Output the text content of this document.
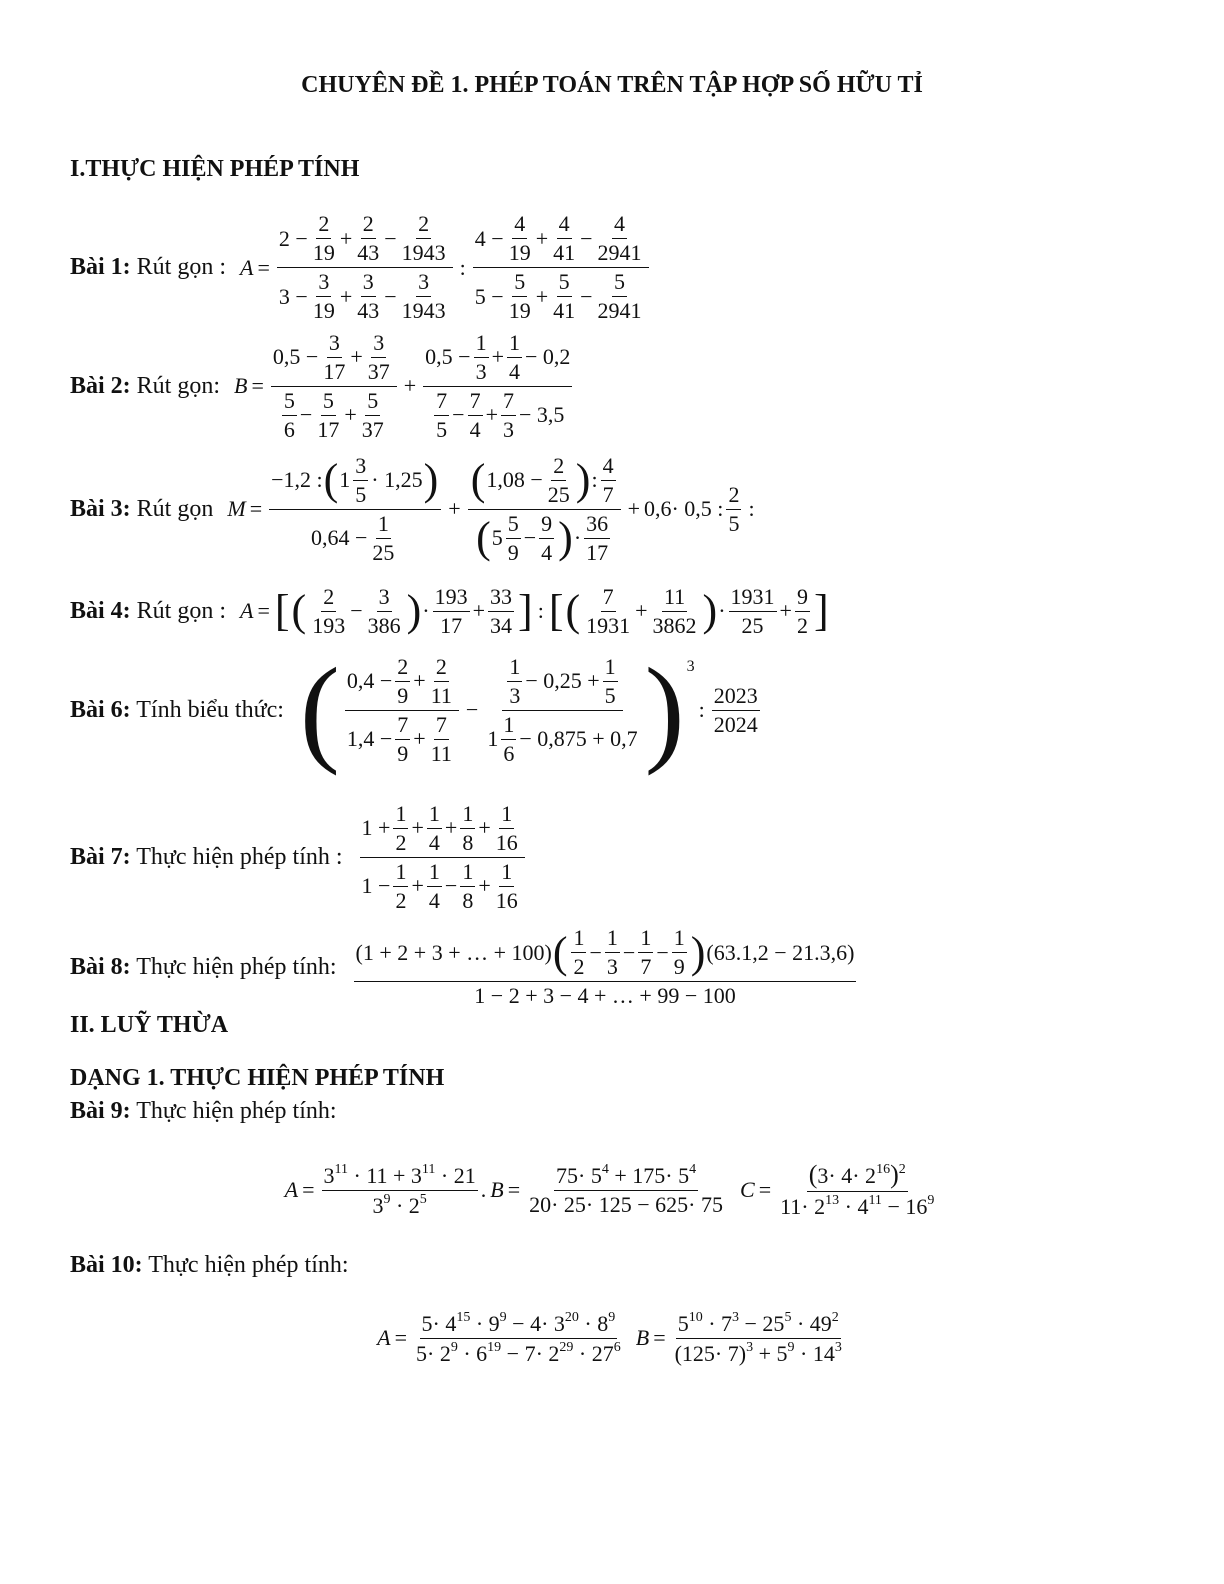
CHUYÊN ĐỀ 1. PHÉP TOÁN TRÊN TẬP HỢP SỐ HỮU TỈ
I.THỰC HIỆN PHÉP TÍNH
Bài 1: Rút gọn : $A = \frac{2 - \frac{2}{19} + \frac{2}{43} - \frac{2}{1943}}{3 - \frac{3}{19} + \frac{3}{43} - \frac{3}{1943}}$ : $\frac{4 - \frac{4}{19} + \frac{4}{41} - \frac{4}{2941}}{5 - \frac{5}{19} + \frac{5}{41} - \frac{5}{2941}}$
Bài 2: Rút gọn: $B = \frac{0,5 - \frac{3}{17} + \frac{3}{37}}{\frac{5}{6} - \frac{5}{17} + \frac{5}{37}} + \frac{0,5 - \frac{1}{3} + \frac{1}{4} - 0,2}{\frac{7}{5} - \frac{7}{4} + \frac{7}{3} - 3,5}$
Bài 3: Rút gọn $M = \frac{-1,2 : ( 1 \frac{3}{5} \cdot 1,25 )}{0,64 - \frac{1}{25}} + \frac{( 1,08 - \frac{2}{25} ) : \frac{4}{7}}{( 5 \frac{5}{9} - \frac{9}{4} ) \cdot \frac{36}{17}} + 0,6\cdot 0,5$ : $\frac{2}{5}$ :
Bài 4: Rút gọn : A = [ ( $\frac{2}{193} - \frac{3}{386}$ ) · $\frac{193}{17} + \frac{33}{34}$ ] : [ ( $\frac{7}{1931} + \frac{11}{3862}$ ) · $\frac{1931}{25} + \frac{9}{2}$ ]
Bài 6: Tính biểu thức: ( $\frac{0,4 - \frac{2}{9} + \frac{2}{11}}{1,4 - \frac{7}{9} + \frac{7}{11}} - \frac{\frac{1}{3} - 0,25 + \frac{1}{5}}{1 \frac{1}{6} - 0,875 + 0,7}$ ) 3
: $\frac{2023}{2024}$
Bài 7: Thực hiện phép tính : $\frac{1 + \frac{1}{2} + \frac{1}{4} + \frac{1}{8} + \frac{1}{16}}{1 - \frac{1}{2} + \frac{1}{4} - \frac{1}{8} + \frac{1}{16}}$
Bài 8: Thực hiện phép tính: $\frac{(1 + 2 + 3 + \dots + 100) ( \frac{1}{2} - \frac{1}{3} - \frac{1}{7} - \frac{1}{9} ) (63.1,2 - 21.3,6)}{1 - 2 + 3 - 4 + \dots + 99 - 100}$
II. LUỸ THỪA
DẠNG 1. THỰC HIỆN PHÉP TÍNH
Bài 9: Thực hiện phép tính:
$A = \frac{3^{11} \cdot 11 + 3^{11} \cdot 21}{3^9 \cdot 2^5}$ . $B = \frac{75\cdot 5^4 + 175\cdot 5^4}{20\cdot 25\cdot 125 - 625\cdot 75}$ $C = \frac{(3\cdot 4\cdot 2^{16})^2}{11\cdot 2^{13} \cdot 4^{11} - 16^9}$
Bài 10: Thực hiện phép tính:
$A = \frac{5\cdot 4^{15} \cdot 9^9 - 4\cdot 3^{20} \cdot 8^9}{5\cdot 2^9 \cdot 6^{19} - 7\cdot 2^{29} \cdot 27^6}$ $B = \frac{5^{10} \cdot 7^3 - 25^5 \cdot 49^2}{(125\cdot 7)^3 + 5^9 \cdot 14^3}$
